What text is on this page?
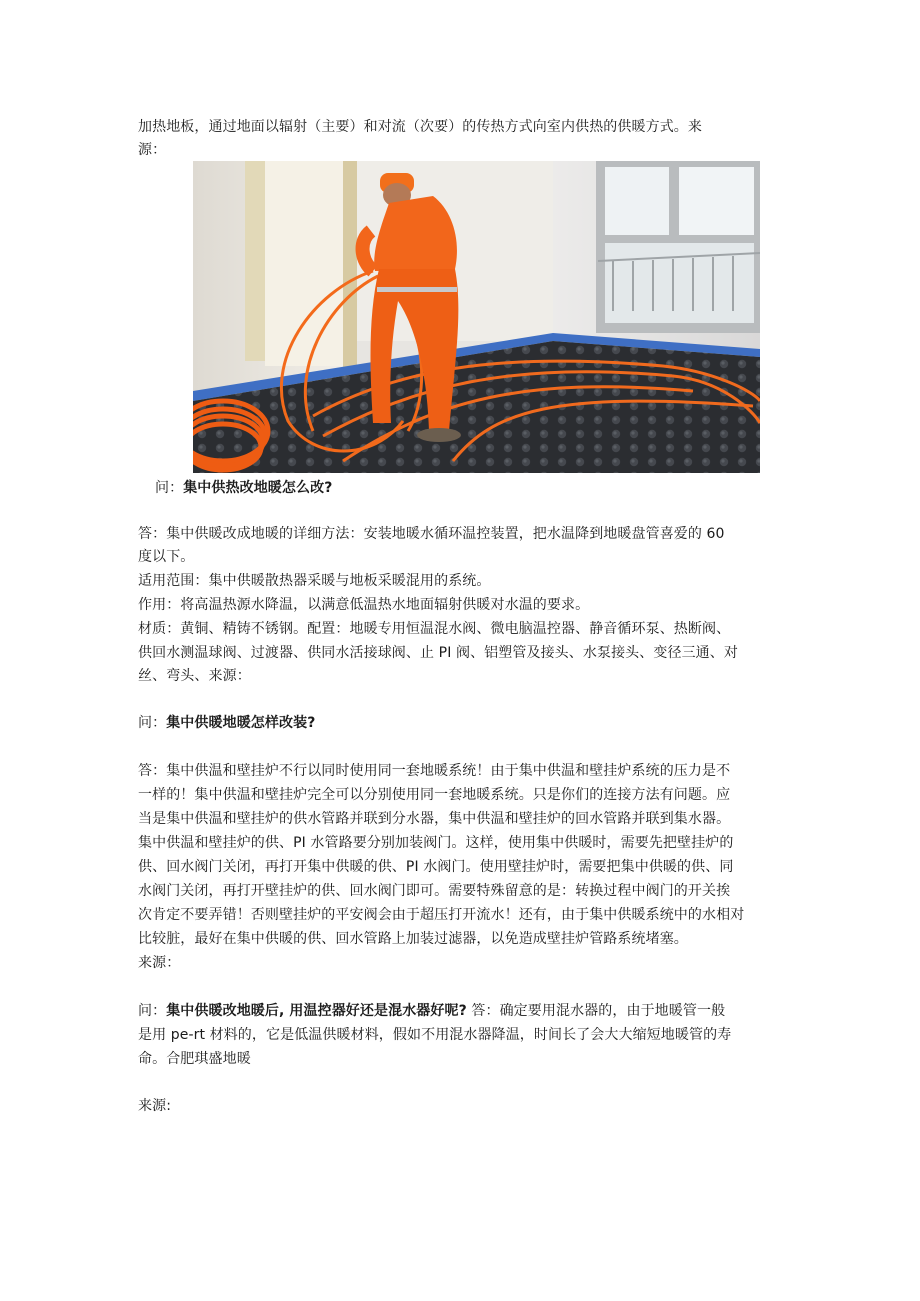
加热地板，通过地面以辐射（主要）和对流（次要）的传热方式向室内供热的供暖方式。来
源：
问：集中供热改地暖怎么改?
答：集中供暖改成地暖的详细方法：安装地暖水循环温控装置，把水温降到地暖盘管喜爱的 60
度以下。
适用范围：集中供暖散热器采暖与地板采暖混用的系统。
作用：将高温热源水降温，以满意低温热水地面辐射供暖对水温的要求。
材质：黄铜、精铸不锈钢。配置：地暖专用恒温混水阀、微电脑温控器、静音循环泵、热断阀、
供回水测温球阀、过渡器、供同水活接球阀、止 PI 阀、铝塑管及接头、水泵接头、变径三通、对
丝、弯头、来源：
问：集中供暖地暖怎样改装?
答：集中供温和壁挂炉不行以同时使用同一套地暖系统！由于集中供温和壁挂炉系统的压力是不
一样的！集中供温和壁挂炉完全可以分别使用同一套地暖系统。只是你们的连接方法有问题。应
当是集中供温和壁挂炉的供水管路并联到分水器，集中供温和壁挂炉的回水管路并联到集水器。
集中供温和壁挂炉的供、PI 水管路要分别加装阀门。这样，使用集中供暖时，需要先把壁挂炉的
供、回水阀门关闭，再打开集中供暖的供、PI 水阀门。使用壁挂炉时，需要把集中供暖的供、同
水阀门关闭，再打开壁挂炉的供、回水阀门即可。需要特殊留意的是：转换过程中阀门的开关挨
次肯定不要弄错！否则壁挂炉的平安阀会由于超压打开流水！还有，由于集中供暖系统中的水相对
比较脏，最好在集中供暖的供、回水管路上加装过滤器，以免造成壁挂炉管路系统堵塞。
来源：
问：集中供暖改地暖后, 用温控器好还是混水器好呢? 答：确定要用混水器的，由于地暖管一般
是用 pe-rt 材料的，它是低温供暖材料，假如不用混水器降温，时间长了会大大缩短地暖管的寿
命。合肥琪盛地暖
来源:
